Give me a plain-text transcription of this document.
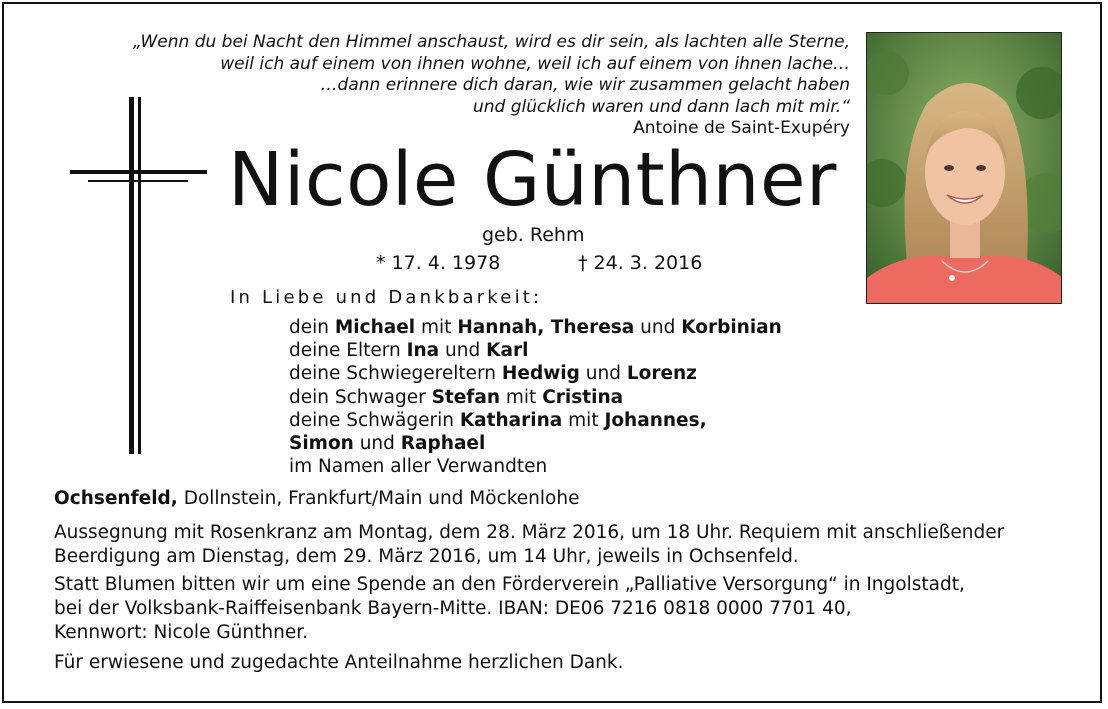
„Wenn du bei Nacht den Himmel anschaust, wird es dir sein, als lachten alle Sterne,
weil ich auf einem von ihnen wohne, weil ich auf einem von ihnen lache…
…dann erinnere dich daran, wie wir zusammen gelacht haben
und glücklich waren und dann lach mit mir.“
Antoine de Saint-Exupéry
Nicole Günthner
geb. Rehm
* 17. 4. 1978	† 24. 3. 2016
In Liebe und Dankbarkeit:
dein Michael mit Hannah, Theresa und Korbinian
deine Eltern Ina und Karl
deine Schwiegereltern Hedwig und Lorenz
dein Schwager Stefan mit Cristina
deine Schwägerin Katharina mit Johannes,
Simon und Raphael
im Namen aller Verwandten
Ochsenfeld, Dollnstein, Frankfurt/Main und Möckenlohe
Aussegnung mit Rosenkranz am Montag, dem 28. März 2016, um 18 Uhr. Requiem mit anschließender
Beerdigung am Dienstag, dem 29. März 2016, um 14 Uhr, jeweils in Ochsenfeld.
Statt Blumen bitten wir um eine Spende an den Förderverein „Palliative Versorgung“ in Ingolstadt,
bei der Volksbank-Raiffeisenbank Bayern-Mitte. IBAN: DE06 7216 0818 0000 7701 40,
Kennwort: Nicole Günthner.
Für erwiesene und zugedachte Anteilnahme herzlichen Dank.
